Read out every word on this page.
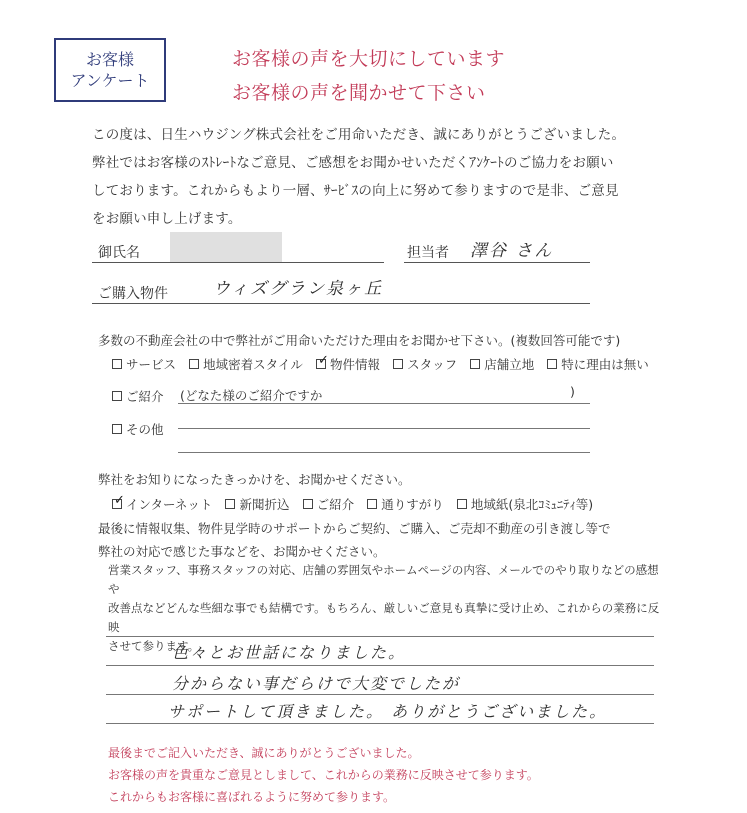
お客様
アンケート
お客様の声を大切にしています
お客様の声を聞かせて下さい
この度は、日生ハウジング株式会社をご用命いただき、誠にありがとうございました。
弊社ではお客様のｽﾄﾚｰﾄなご意見、ご感想をお聞かせいただくｱﾝｹｰﾄのご協力をお願い
しております。これからもより一層、ｻｰﾋﾞｽの向上に努めて参りますので是非、ご意見
をお願い申し上げます。
御氏名	担当者 澤谷 さん
ご購入物件	ウィズグラン泉ヶ丘
多数の不動産会社の中で弊社がご用命いただけた理由をお聞かせ下さい。(複数回答可能です)
サービス
地域密着スタイル
✓ 物件情報
スタッフ
店舗立地
特に理由は無い
ご紹介 (どなた様のご紹介ですか	)
その他
弊社をお知りになったきっかけを、お聞かせください。
✓ インターネット
新聞折込
ご紹介
通りすがり
地域紙(泉北ｺﾐｭﾆﾃｨ等)
最後に情報収集、物件見学時のサポートからご契約、ご購入、ご売却不動産の引き渡し等で
弊社の対応で感じた事などを、お聞かせください。
営業スタッフ、事務スタッフの対応、店舗の雰囲気やホームページの内容、メールでのやり取りなどの感想や
改善点などどんな些細な事でも結構です。もちろん、厳しいご意見も真摯に受け止め、これからの業務に反映
させて参ります。
色々とお世話になりました。
分からない事だらけで大変でしたが
サポートして頂きました。 ありがとうございました。
最後までご記入いただき、誠にありがとうございました。
お客様の声を貴重なご意見としまして、これからの業務に反映させて参ります。
これからもお客様に喜ばれるように努めて参ります。
